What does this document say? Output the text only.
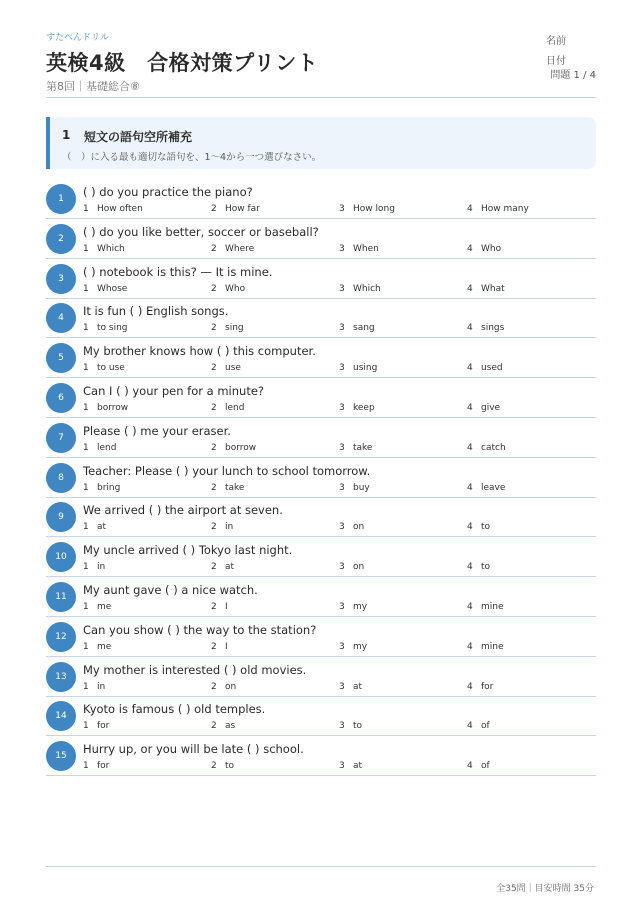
すたぺんドリル
英検4級　合格対策プリント
第8回｜基礎総合⑧
名前
日付
問題 1 / 4
1 短文の語句空所補充
（　）に入る最も適切な語句を、1〜4から一つ選びなさい。
1	( ) do you practice the piano?
1 How often	2 How far	3 How long	4 How many
2	( ) do you like better, soccer or baseball?
1 Which	2 Where	3 When	4 Who
3	( ) notebook is this? — It is mine.
1 Whose	2 Who	3 Which	4 What
4	It is fun ( ) English songs.
1 to sing	2 sing	3 sang	4 sings
5	My brother knows how ( ) this computer.
1 to use	2 use	3 using	4 used
6	Can I ( ) your pen for a minute?
1 borrow	2 lend	3 keep	4 give
7	Please ( ) me your eraser.
1 lend	2 borrow	3 take	4 catch
8	Teacher: Please ( ) your lunch to school tomorrow.
1 bring	2 take	3 buy	4 leave
9	We arrived ( ) the airport at seven.
1 at	2 in	3 on	4 to
10	My uncle arrived ( ) Tokyo last night.
1 in	2 at	3 on	4 to
11	My aunt gave ( ) a nice watch.
1 me	2 I	3 my	4 mine
12	Can you show ( ) the way to the station?
1 me	2 I	3 my	4 mine
13	My mother is interested ( ) old movies.
1 in	2 on	3 at	4 for
14	Kyoto is famous ( ) old temples.
1 for	2 as	3 to	4 of
15	Hurry up, or you will be late ( ) school.
1 for	2 to	3 at	4 of
全35問｜目安時間 35分
